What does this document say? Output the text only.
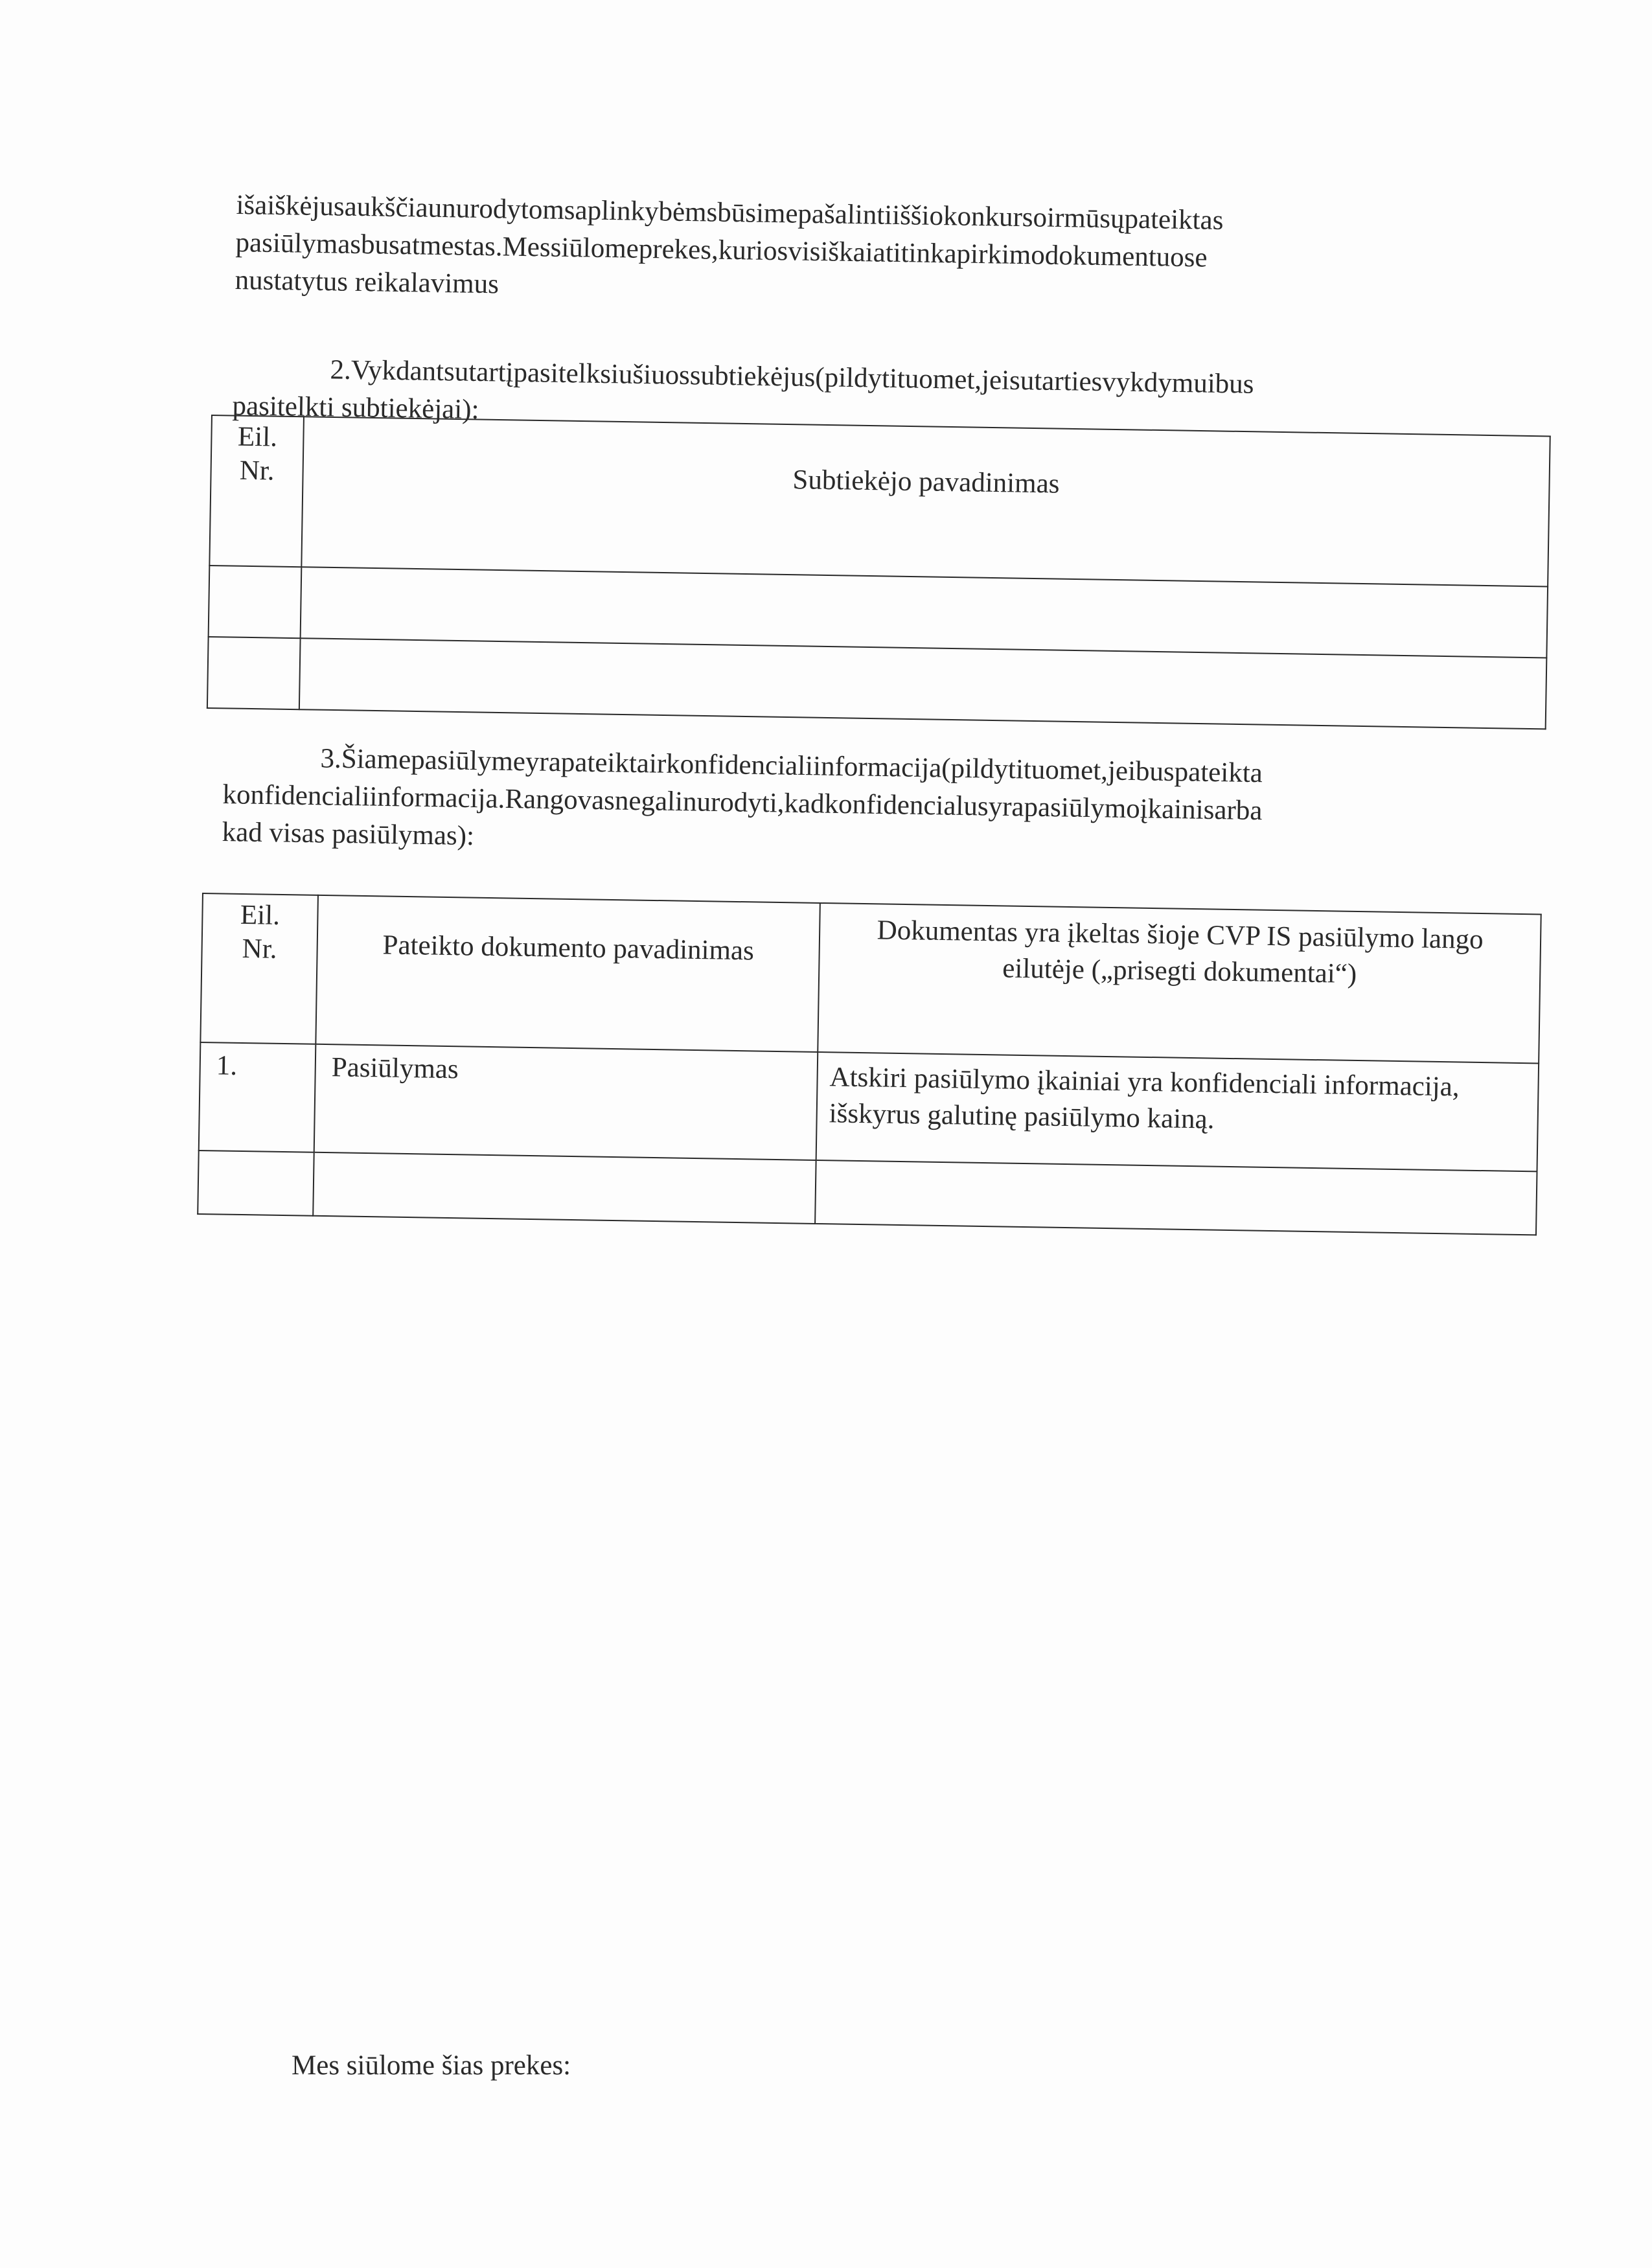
išaiškėjusaukščiaunurodytomsaplinkybėmsbūsimepašalintiiššiokonkursoirmūsųpateiktas
pasiūlymasbusatmestas.Messiūlomeprekes,kuriosvisiškaiatitinkapirkimodokumentuose
nustatytus reikalavimus
2.Vykdantsutartįpasitelksiušiuossubtiekėjus(pildytituomet,jeisutartiesvykdymuibus
pasitelkti subtiekėjai):
Eil.
Nr.	Subtiekėjo pavadinimas

3.Šiamepasiūlymeyrapateiktairkonfidencialiinformacija(pildytituomet,jeibuspateikta
konfidencialiinformacija.Rangovasnegalinurodyti,kadkonfidencialusyrapasiūlymoįkainisarba
kad visas pasiūlymas):
Eil.
Nr.	Pateikto dokumento pavadinimas	Dokumentas yra įkeltas šioje CVP IS pasiūlymo lango
eilutėje („prisegti dokumentai“)
1.	Pasiūlymas	Atskiri pasiūlymo įkainiai yra konfidenciali informacija,
išskyrus galutinę pasiūlymo kainą.

Mes siūlome šias prekes:
